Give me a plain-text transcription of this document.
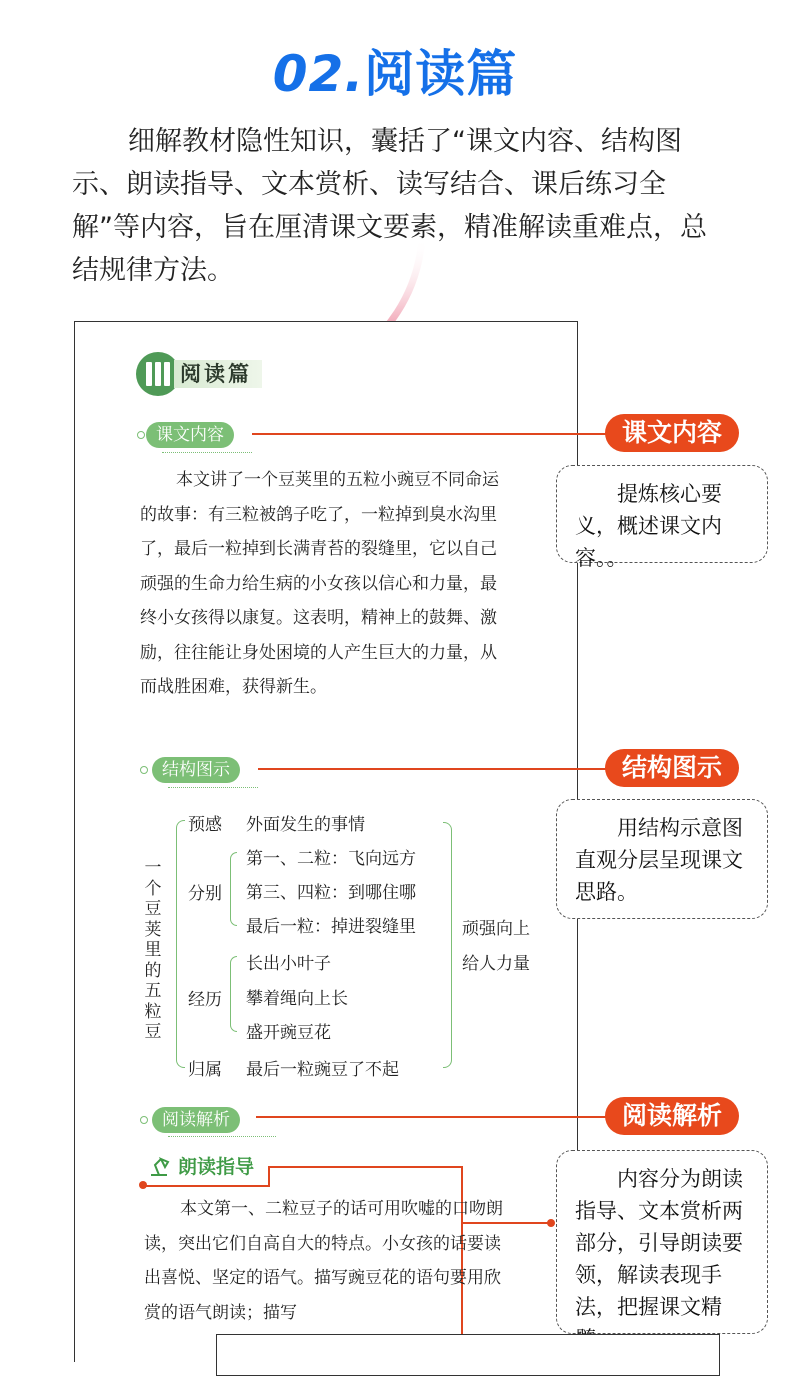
02.阅读篇

细解教材隐性知识，囊括了“课文内容、结构图示、朗读指导、文本赏析、读写结合、课后练习全解”等内容，旨在厘清课文要素，精准解读重难点，总结规律方法。

阅读篇
课文内容	课文内容

提炼核心要义，概述课文内容。。

本文讲了一个豆荚里的五粒小豌豆不同命运的故事：有三粒被鸽子吃了，一粒掉到臭水沟里了，最后一粒掉到长满青苔的裂缝里，它以自己顽强的生命力给生病的小女孩以信心和力量，最终小女孩得以康复。这表明，精神上的鼓舞、激励，往往能让身处困境的人产生巨大的力量，从而战胜困难，获得新生。

结构图示	结构图示

用结构示意图直观分层呈现课文思路。

一个豆荚里的五粒豆
预感 外面发生的事情
分别
第一、二粒：飞向远方
第三、四粒：到哪住哪
最后一粒：掉进裂缝里
经历
长出小叶子
攀着绳向上长
盛开豌豆花
归属 最后一粒豌豆了不起
顽强向上
给人力量
阅读解析	阅读解析

内容分为朗读指导、文本赏析两部分，引导朗读要领，解读表现手法，把握课文精

朗读指导

本文第一、二粒豆子的话可用吹嘘的口吻朗读，突出它们自高自大的特点。小女孩的话要读出喜悦、坚定的语气。描写豌豆花的语句要用欣赏的语气朗读；描写
